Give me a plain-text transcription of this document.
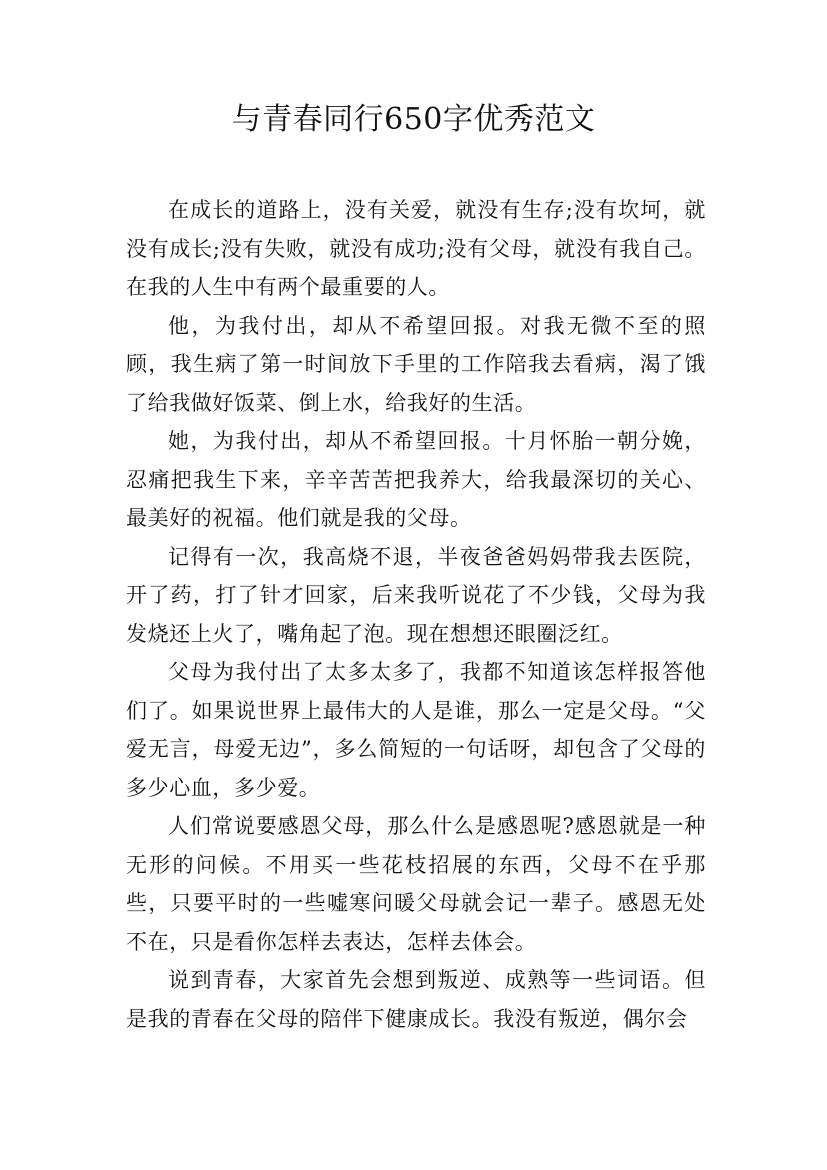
与青春同行650字优秀范文

在成长的道路上，没有关爱，就没有生存;没有坎坷，就没有成长;没有失败，就没有成功;没有父母，就没有我自己。在我的人生中有两个最重要的人。

他，为我付出，却从不希望回报。对我无微不至的照顾，我生病了第一时间放下手里的工作陪我去看病，渴了饿了给我做好饭菜、倒上水，给我好的生活。

她，为我付出，却从不希望回报。十月怀胎一朝分娩，忍痛把我生下来，辛辛苦苦把我养大，给我最深切的关心、最美好的祝福。他们就是我的父母。

记得有一次，我高烧不退，半夜爸爸妈妈带我去医院，开了药，打了针才回家，后来我听说花了不少钱，父母为我发烧还上火了，嘴角起了泡。现在想想还眼圈泛红。

父母为我付出了太多太多了，我都不知道该怎样报答他们了。如果说世界上最伟大的人是谁，那么一定是父母。“父爱无言，母爱无边”，多么简短的一句话呀，却包含了父母的多少心血，多少爱。

人们常说要感恩父母，那么什么是感恩呢?感恩就是一种无形的问候。不用买一些花枝招展的东西，父母不在乎那些，只要平时的一些嘘寒问暖父母就会记一辈子。感恩无处不在，只是看你怎样去表达，怎样去体会。

说到青春，大家首先会想到叛逆、成熟等一些词语。但是我的青春在父母的陪伴下健康成长。我没有叛逆，偶尔会
